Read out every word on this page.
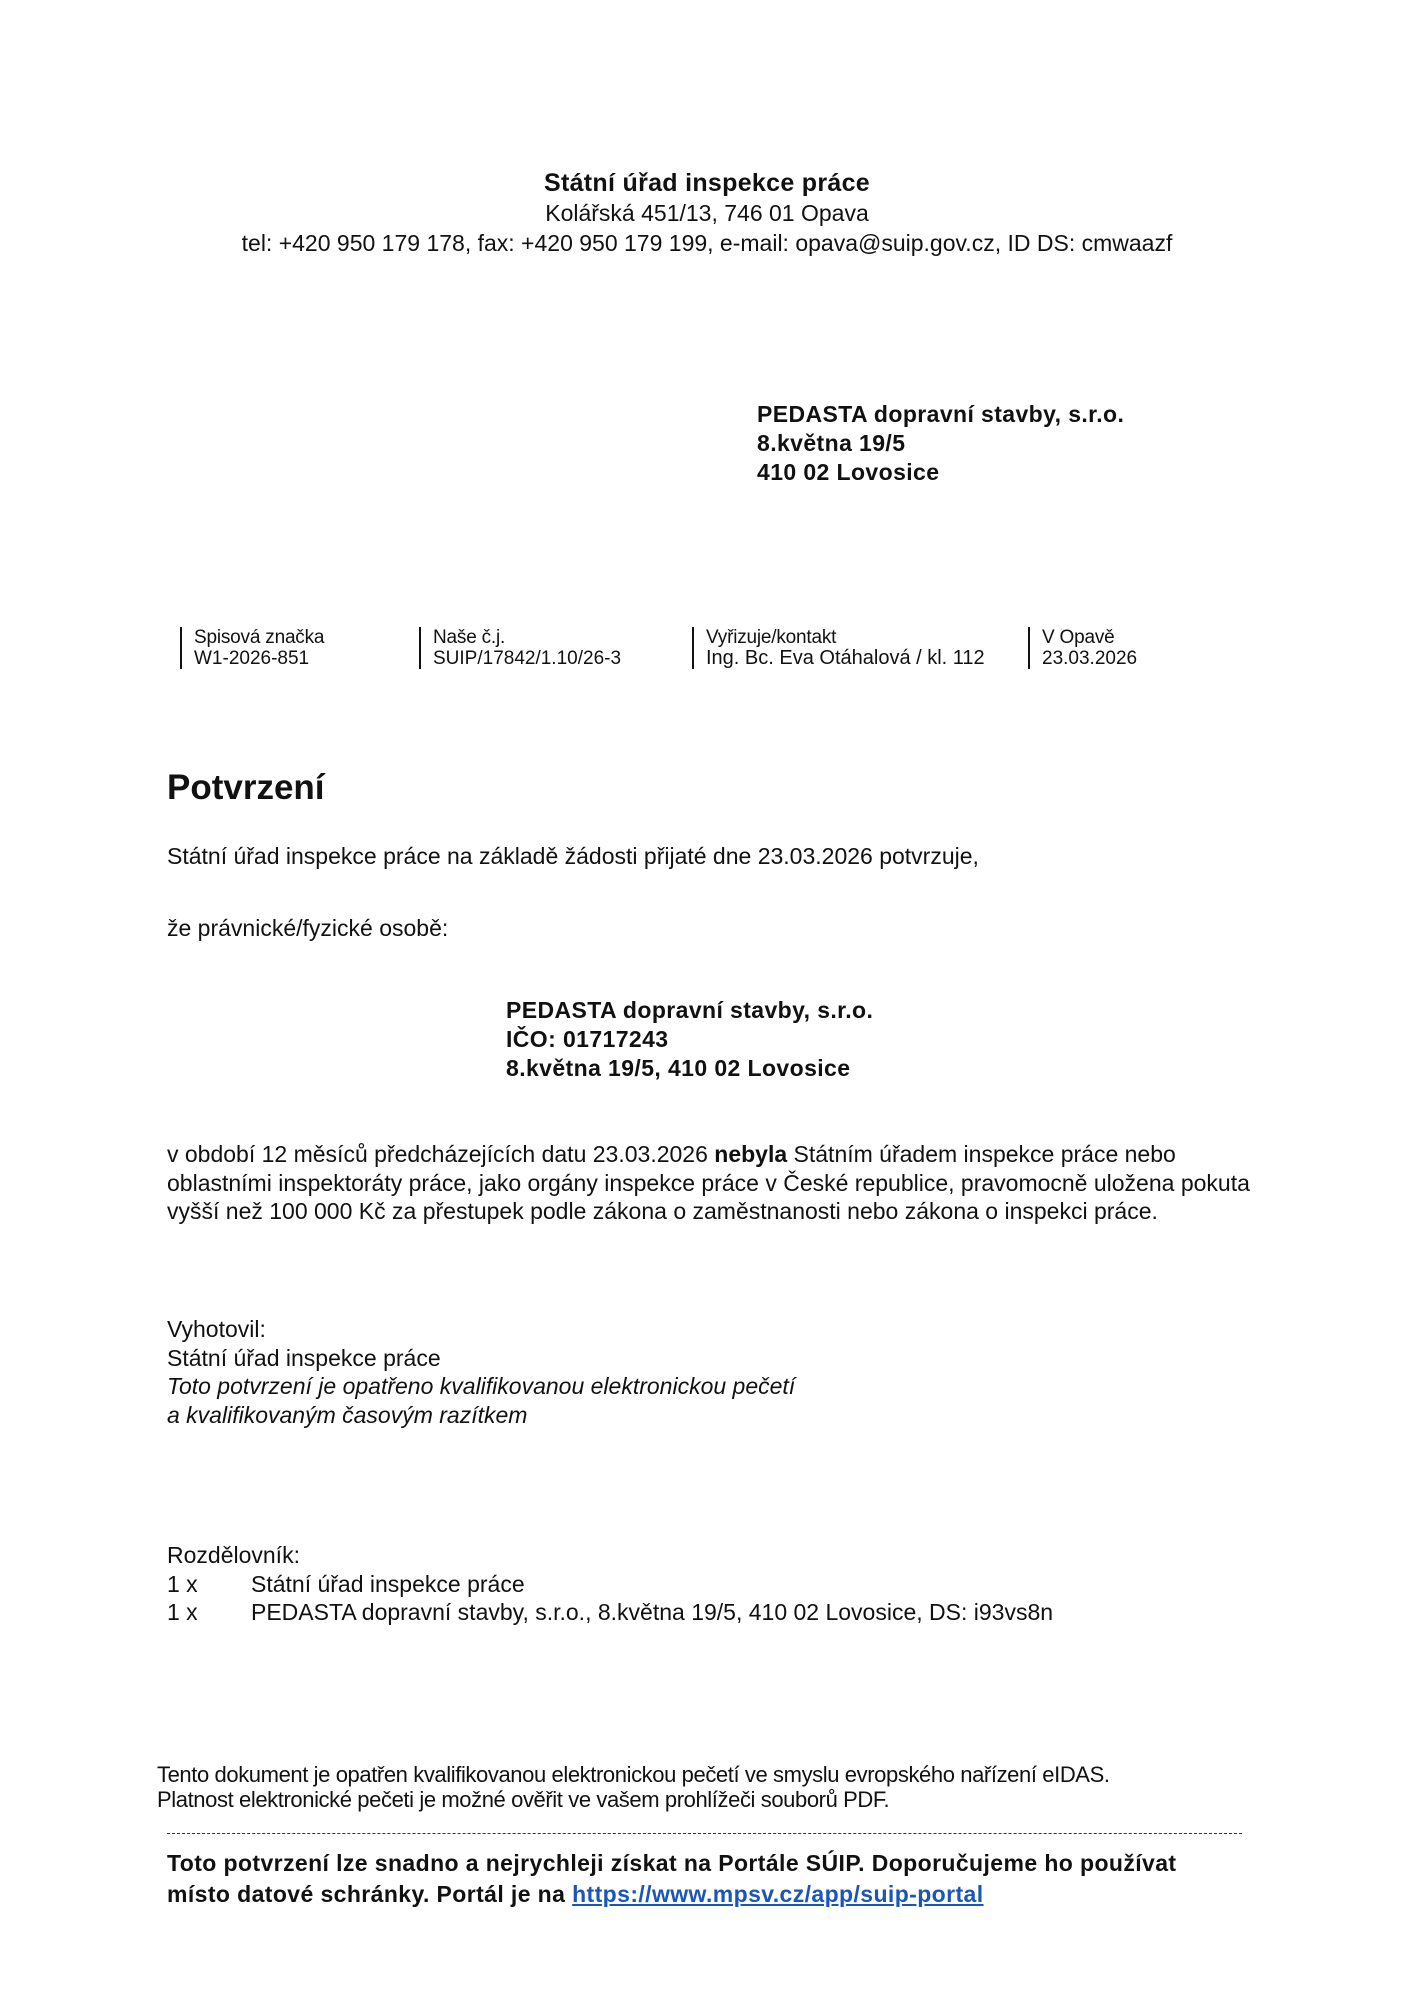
Státní úřad inspekce práce
Kolářská 451/13, 746 01 Opava
tel: +420 950 179 178, fax: +420 950 179 199, e-mail: opava@suip.gov.cz, ID DS: cmwaazf
PEDASTA dopravní stavby, s.r.o.
8.května 19/5
410 02 Lovosice
Spisová značka
W1-2026-851
Naše č.j.
SUIP/17842/1.10/26-3
Vyřizuje/kontakt
Ing. Bc. Eva Otáhalová / kl. 112
V Opavě
23.03.2026
Potvrzení
Státní úřad inspekce práce na základě žádosti přijaté dne 23.03.2026 potvrzuje,
že právnické/fyzické osobě:
PEDASTA dopravní stavby, s.r.o.
IČO: 01717243
8.května 19/5, 410 02 Lovosice
v období 12 měsíců předcházejících datu 23.03.2026 nebyla Státním úřadem inspekce práce nebo oblastními inspektoráty práce, jako orgány inspekce práce v České republice, pravomocně uložena pokuta vyšší než 100 000 Kč za přestupek podle zákona o zaměstnanosti nebo zákona o inspekci práce.
Vyhotovil:
Státní úřad inspekce práce
Toto potvrzení je opatřeno kvalifikovanou elektronickou pečetí
a kvalifikovaným časovým razítkem
Rozdělovník:
1 x	Státní úřad inspekce práce
1 x	PEDASTA dopravní stavby, s.r.o., 8.května 19/5, 410 02 Lovosice, DS: i93vs8n
Tento dokument je opatřen kvalifikovanou elektronickou pečetí ve smyslu evropského nařízení eIDAS.
Platnost elektronické pečeti je možné ověřit ve vašem prohlížeči souborů PDF.
Toto potvrzení lze snadno a nejrychleji získat na Portále SÚIP. Doporučujeme ho používat
místo datové schránky. Portál je na https://www.mpsv.cz/app/suip-portal
